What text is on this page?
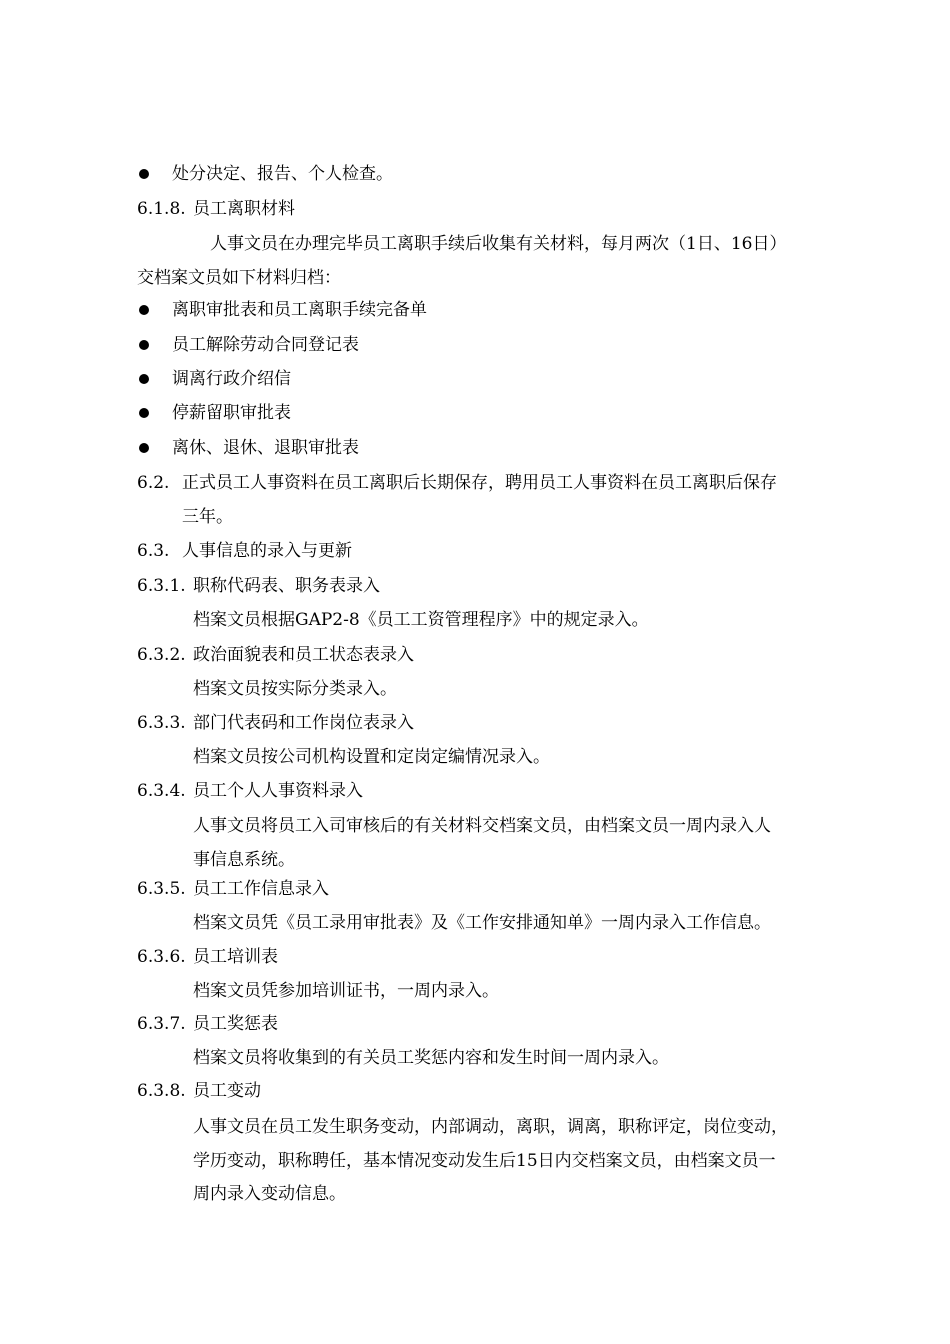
处分决定、报告、个人检查。
6.1.8. 员工离职材料
人事文员在办理完毕员工离职手续后收集有关材料，每月两次（1日、16日）
交档案文员如下材料归档：
离职审批表和员工离职手续完备单
员工解除劳动合同登记表
调离行政介绍信
停薪留职审批表
离休、退休、退职审批表
6.2. 正式员工人事资料在员工离职后长期保存，聘用员工人事资料在员工离职后保存
三年。
6.3. 人事信息的录入与更新
6.3.1. 职称代码表、职务表录入
档案文员根据GAP2-8《员工工资管理程序》中的规定录入。
6.3.2. 政治面貌表和员工状态表录入
档案文员按实际分类录入。
6.3.3. 部门代表码和工作岗位表录入
档案文员按公司机构设置和定岗定编情况录入。
6.3.4. 员工个人人事资料录入
人事文员将员工入司审核后的有关材料交档案文员，由档案文员一周内录入人
事信息系统。
6.3.5. 员工工作信息录入
档案文员凭《员工录用审批表》及《工作安排通知单》一周内录入工作信息。
6.3.6. 员工培训表
档案文员凭参加培训证书，一周内录入。
6.3.7. 员工奖惩表
档案文员将收集到的有关员工奖惩内容和发生时间一周内录入。
6.3.8. 员工变动
人事文员在员工发生职务变动，内部调动，离职，调离，职称评定，岗位变动，
学历变动，职称聘任，基本情况变动发生后15日内交档案文员，由档案文员一
周内录入变动信息。
